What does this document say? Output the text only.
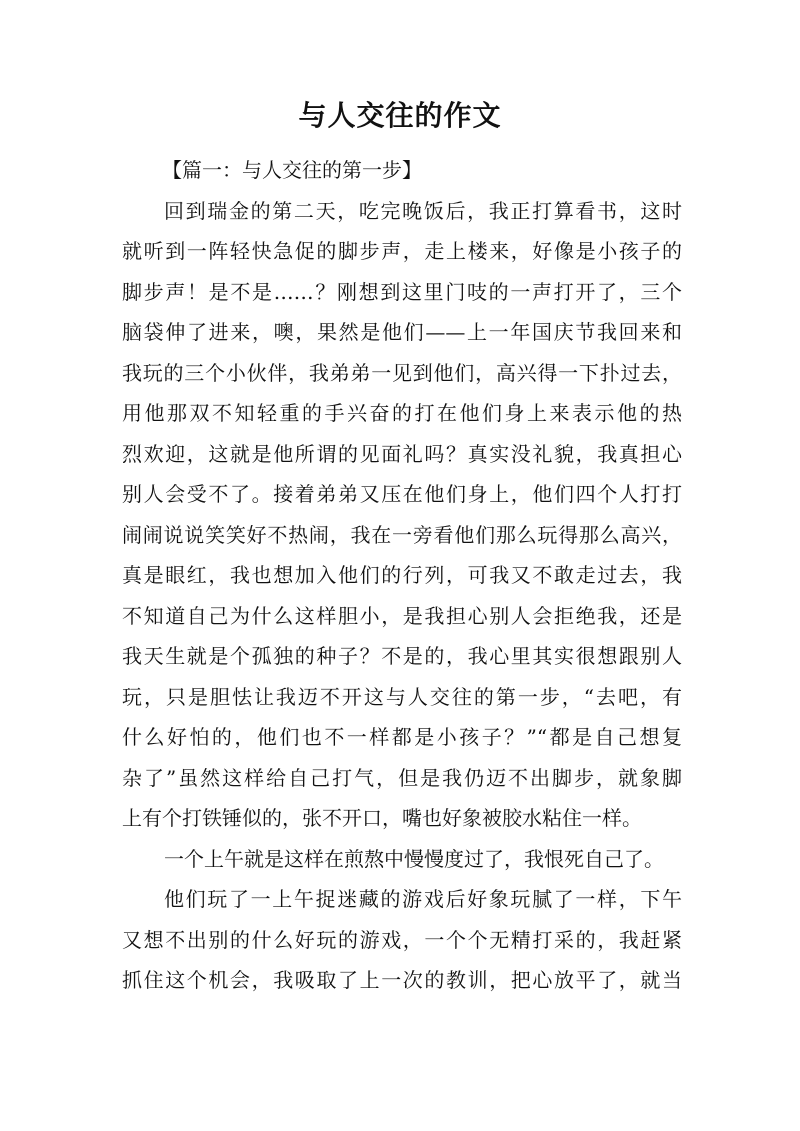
与人交往的作文
【篇一：与人交往的第一步】
回到瑞金的第二天，吃完晚饭后，我正打算看书，这时
就听到一阵轻快急促的脚步声，走上楼来，好像是小孩子的
脚步声！是不是……？刚想到这里门吱的一声打开了，三个
脑袋伸了进来，噢，果然是他们——上一年国庆节我回来和
我玩的三个小伙伴，我弟弟一见到他们，高兴得一下扑过去，
用他那双不知轻重的手兴奋的打在他们身上来表示他的热
烈欢迎，这就是他所谓的见面礼吗？真实没礼貌，我真担心
别人会受不了。接着弟弟又压在他们身上，他们四个人打打
闹闹说说笑笑好不热闹，我在一旁看他们那么玩得那么高兴，
真是眼红，我也想加入他们的行列，可我又不敢走过去，我
不知道自己为什么这样胆小，是我担心别人会拒绝我，还是
我天生就是个孤独的种子？不是的，我心里其实很想跟别人
玩，只是胆怯让我迈不开这与人交往的第一步，“去吧，有
什么好怕的，他们也不一样都是小孩子？”“都是自己想复
杂了”虽然这样给自己打气，但是我仍迈不出脚步，就象脚
上有个打铁锤似的，张不开口，嘴也好象被胶水粘住一样。
一个上午就是这样在煎熬中慢慢度过了，我恨死自己了。
他们玩了一上午捉迷藏的游戏后好象玩腻了一样，下午
又想不出别的什么好玩的游戏，一个个无精打采的，我赶紧
抓住这个机会，我吸取了上一次的教训，把心放平了，就当
